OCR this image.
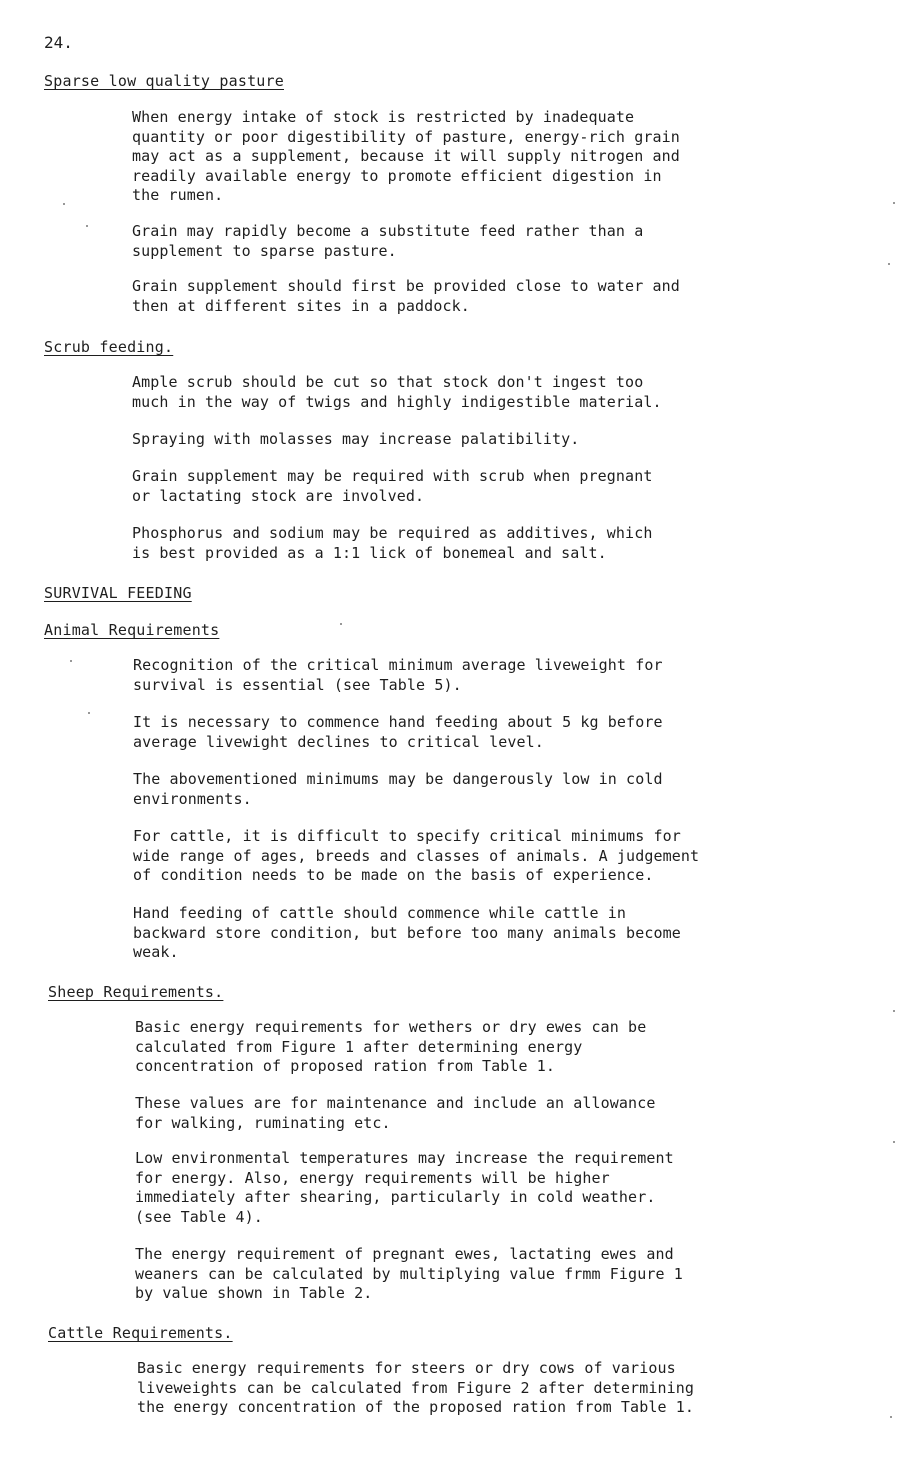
24.
Sparse low quality pasture
When energy intake of stock is restricted by inadequate
quantity or poor digestibility of pasture, energy-rich grain
may act as a supplement, because it will supply nitrogen and
readily available energy to promote efficient digestion in
the rumen.
Grain may rapidly become a substitute feed rather than a
supplement to sparse pasture.
Grain supplement should first be provided close to water and
then at different sites in a paddock.
Scrub feeding.
Ample scrub should be cut so that stock don't ingest too
much in the way of twigs and highly indigestible material.
Spraying with molasses may increase palatibility.
Grain supplement may be required with scrub when pregnant
or lactating stock are involved.
Phosphorus and sodium may be required as additives, which
is best provided as a 1:1 lick of bonemeal and salt.
SURVIVAL FEEDING
Animal Requirements
Recognition of the critical minimum average liveweight for
survival is essential (see Table 5).
It is necessary to commence hand feeding about 5 kg before
average livewight declines to critical level.
The abovementioned minimums may be dangerously low in cold
environments.
For cattle, it is difficult to specify critical minimums for
wide range of ages, breeds and classes of animals. A judgement
of condition needs to be made on the basis of experience.
Hand feeding of cattle should commence while cattle in
backward store condition, but before too many animals become
weak.
Sheep Requirements.
Basic energy requirements for wethers or dry ewes can be
calculated from Figure 1 after determining energy
concentration of proposed ration from Table 1.
These values are for maintenance and include an allowance
for walking, ruminating etc.
Low environmental temperatures may increase the requirement
for energy. Also, energy requirements will be higher
immediately after shearing, particularly in cold weather.
(see Table 4).
The energy requirement of pregnant ewes, lactating ewes and
weaners can be calculated by multiplying value frmm Figure 1
by value shown in Table 2.
Cattle Requirements.
Basic energy requirements for steers or dry cows of various
liveweights can be calculated from Figure 2 after determining
the energy concentration of the proposed ration from Table 1.
